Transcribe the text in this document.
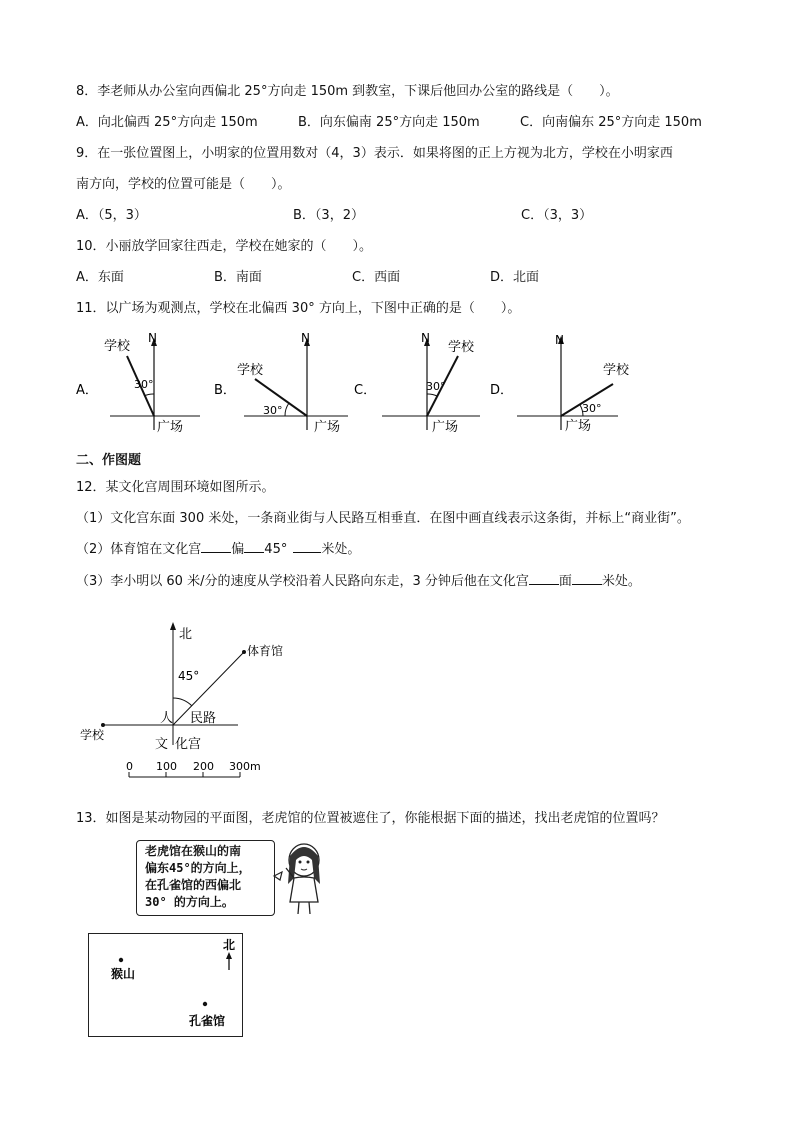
8．李老师从办公室向西偏北 25°方向走 150m 到教室，下课后他回办公室的路线是（　　）。
A．向北偏西 25°方向走 150m	B．向东偏南 25°方向走 150m	C．向南偏东 25°方向走 150m
9．在一张位置图上，小明家的位置用数对（4，3）表示．如果将图的正上方视为北方，学校在小明家西
南方向，学校的位置可能是（　　）。
A．（5，3）	B．（3，2）	C．（3，3）
10．小丽放学回家往西走，学校在她家的（　　）。
A．东面	B．南面	C．西面	D．北面
11．以广场为观测点，学校在北偏西 30° 方向上，下图中正确的是（　　）。
A．
N
学校
30°
广场
B．
N
学校
30°
广场
C．
N
学校
30°
广场
D．
N
学校
30°
广场
二、作图题
12．某文化宫周围环境如图所示。
（1）文化宫东面 300 米处，一条商业街与人民路互相垂直．在图中画直线表示这条街，并标上“商业街”。
（2）体育馆在文化宫 偏 45°	米处。
（3）李小明以 60 米/分的速度从学校沿着人民路向东走，3 分钟后他在文化宫 面 米处。
北
学校
体育馆
45°
人 民路
文 化宫
0 100 200 300m
13．如图是某动物园的平面图，老虎馆的位置被遮住了，你能根据下面的描述，找出老虎馆的位置吗？
老虎馆在猴山的南
偏东45°的方向上，
在孔雀馆的西偏北
30° 的方向上。
北
猴山
孔雀馆
